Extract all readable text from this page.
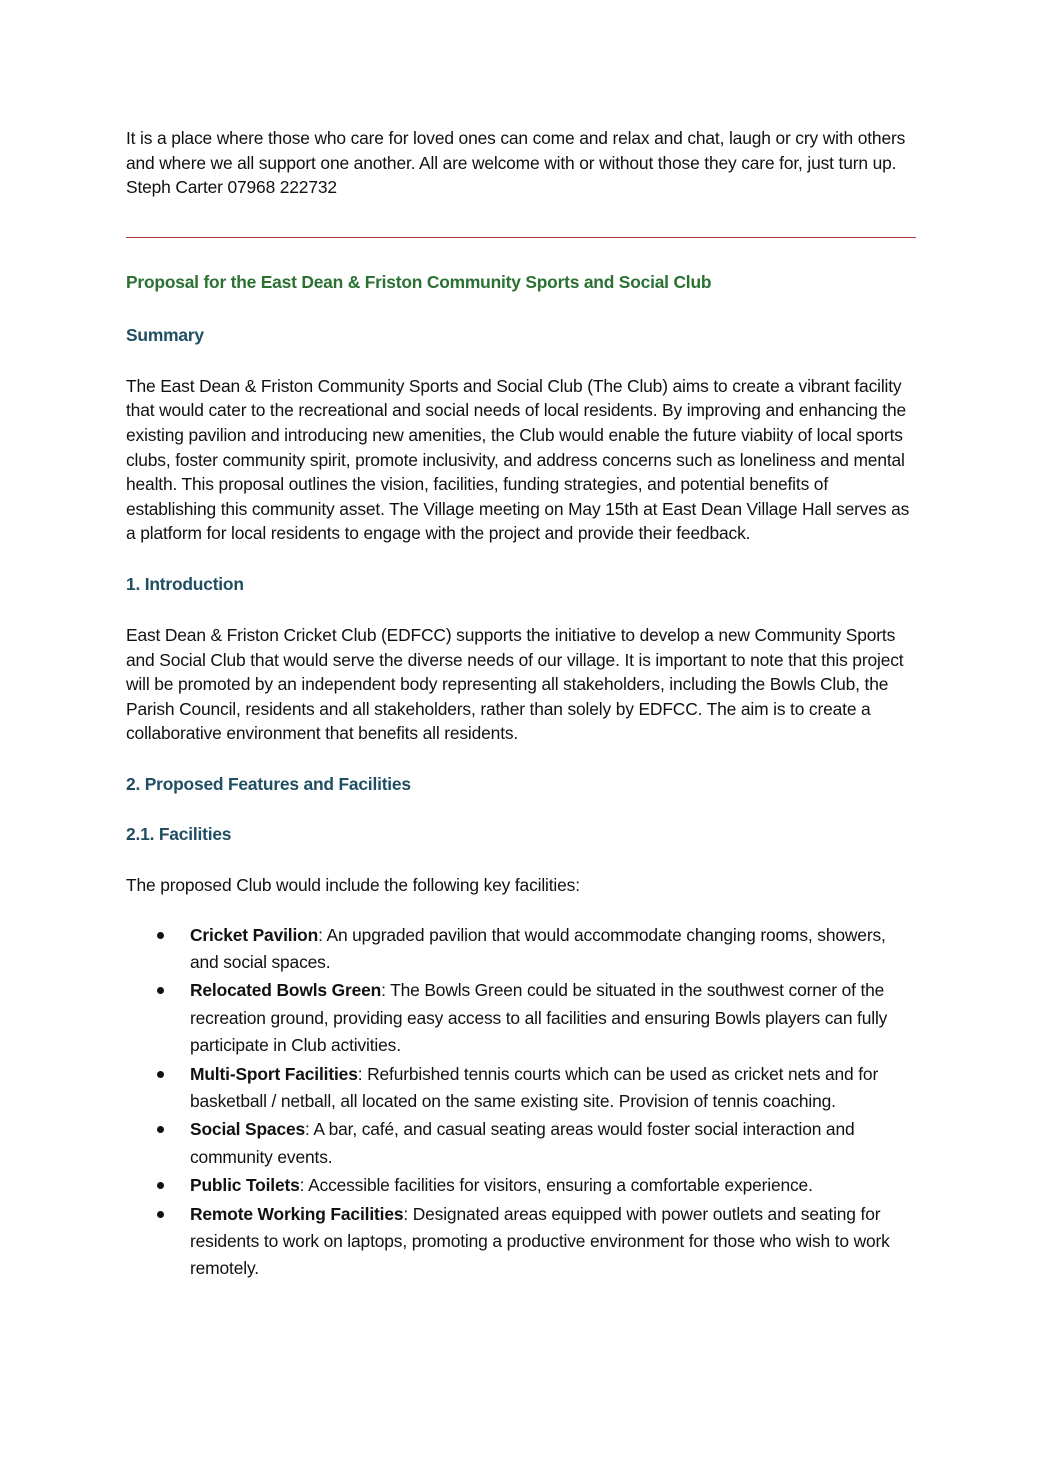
It is a place where those who care for loved ones can come and relax and chat, laugh or cry with others and where we all support one another. All are welcome with or without those they care for, just turn up. Steph Carter 07968 222732

Proposal for the East Dean & Friston Community Sports and Social Club
Summary

The East Dean & Friston Community Sports and Social Club (The Club) aims to create a vibrant facility that would cater to the recreational and social needs of local residents. By improving and enhancing the existing pavilion and introducing new amenities, the Club would enable the future viabiity of local sports clubs, foster community spirit, promote inclusivity, and address concerns such as loneliness and mental health. This proposal outlines the vision, facilities, funding strategies, and potential benefits of establishing this community asset. The Village meeting on May 15th at East Dean Village Hall serves as a platform for local residents to engage with the project and provide their feedback.

1. Introduction

East Dean & Friston Cricket Club (EDFCC) supports the initiative to develop a new Community Sports and Social Club that would serve the diverse needs of our village. It is important to note that this project will be promoted by an independent body representing all stakeholders, including the Bowls Club, the Parish Council, residents and all stakeholders, rather than solely by EDFCC. The aim is to create a collaborative environment that benefits all residents.

2. Proposed Features and Facilities
2.1. Facilities

The proposed Club would include the following key facilities:

Cricket Pavilion: An upgraded pavilion that would accommodate changing rooms, showers, and social spaces.
Relocated Bowls Green: The Bowls Green could be situated in the southwest corner of the recreation ground, providing easy access to all facilities and ensuring Bowls players can fully participate in Club activities.
Multi-Sport Facilities: Refurbished tennis courts which can be used as cricket nets and for basketball / netball, all located on the same existing site. Provision of tennis coaching.
Social Spaces: A bar, café, and casual seating areas would foster social interaction and community events.
Public Toilets: Accessible facilities for visitors, ensuring a comfortable experience.
Remote Working Facilities: Designated areas equipped with power outlets and seating for residents to work on laptops, promoting a productive environment for those who wish to work remotely.
